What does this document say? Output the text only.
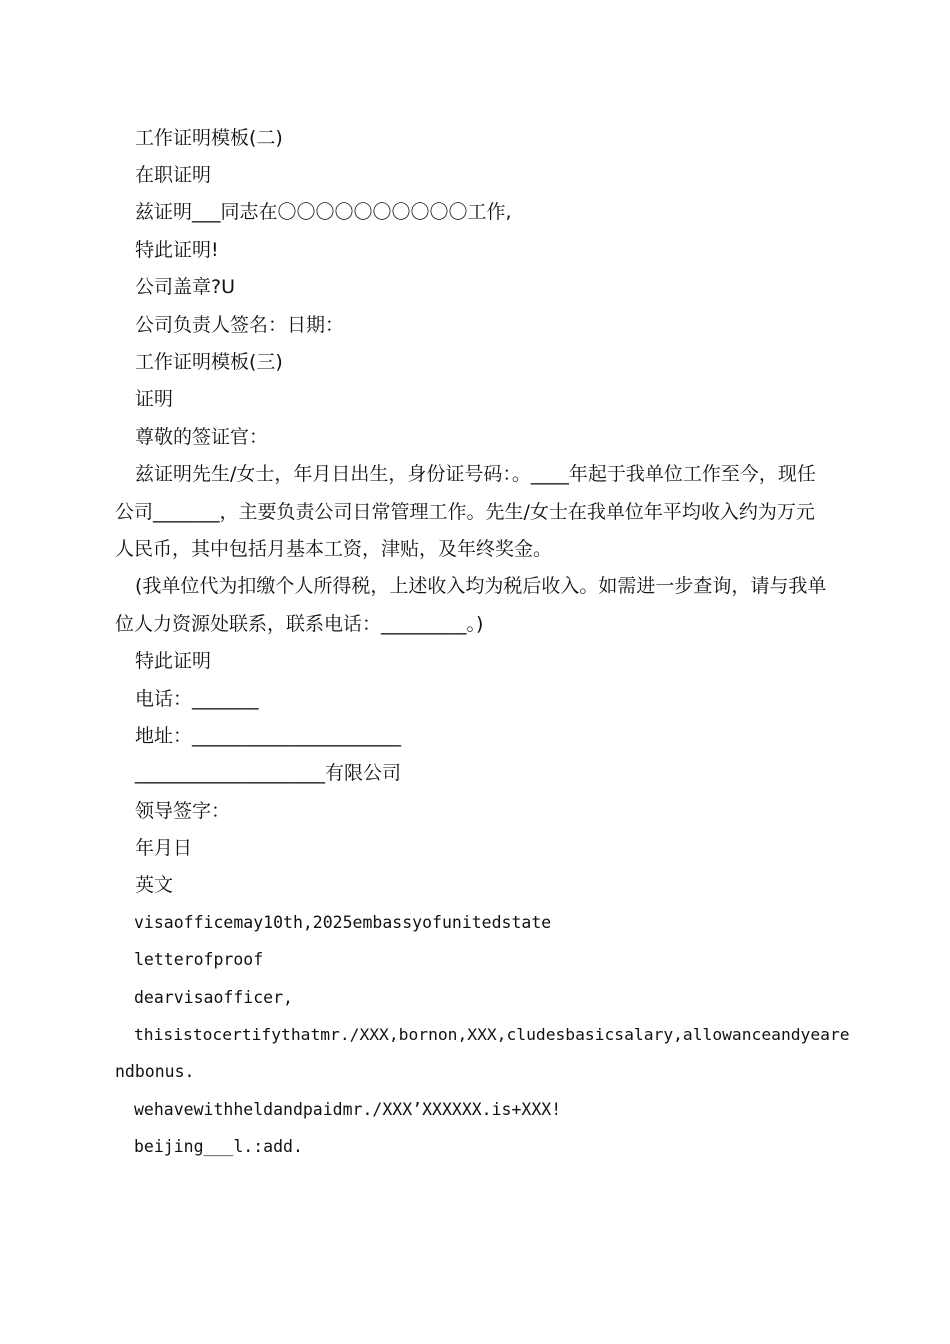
工作证明模板(二)
在职证明
兹证明___同志在〇〇〇〇〇〇〇〇〇〇工作,
特此证明!
公司盖章?U
公司负责人签名：日期：
工作证明模板(三)
证明
尊敬的签证官：
兹证明先生/女士，年月日出生，身份证号码：。____年起于我单位工作至今，现任
公司_______，主要负责公司日常管理工作。先生/女士在我单位年平均收入约为万元
人民币，其中包括月基本工资，津贴，及年终奖金。
(我单位代为扣缴个人所得税，上述收入均为税后收入。如需进一步查询，请与我单
位人力资源处联系，联系电话：_________。)
特此证明
电话：_______
地址：______________________
____________________有限公司
领导签字：
年月日
英文
visaofficemay10th,2025embassyofunitedstate
letterofproof
dearvisaofficer,
thisistocertifythatmr./XXX,bornon,XXX,cludesbasicsalary,allowanceandyeare
ndbonus.
wehavewithheldandpaidmr./XXX’XXXXXX.is+XXX!
beijing___l.:add.
